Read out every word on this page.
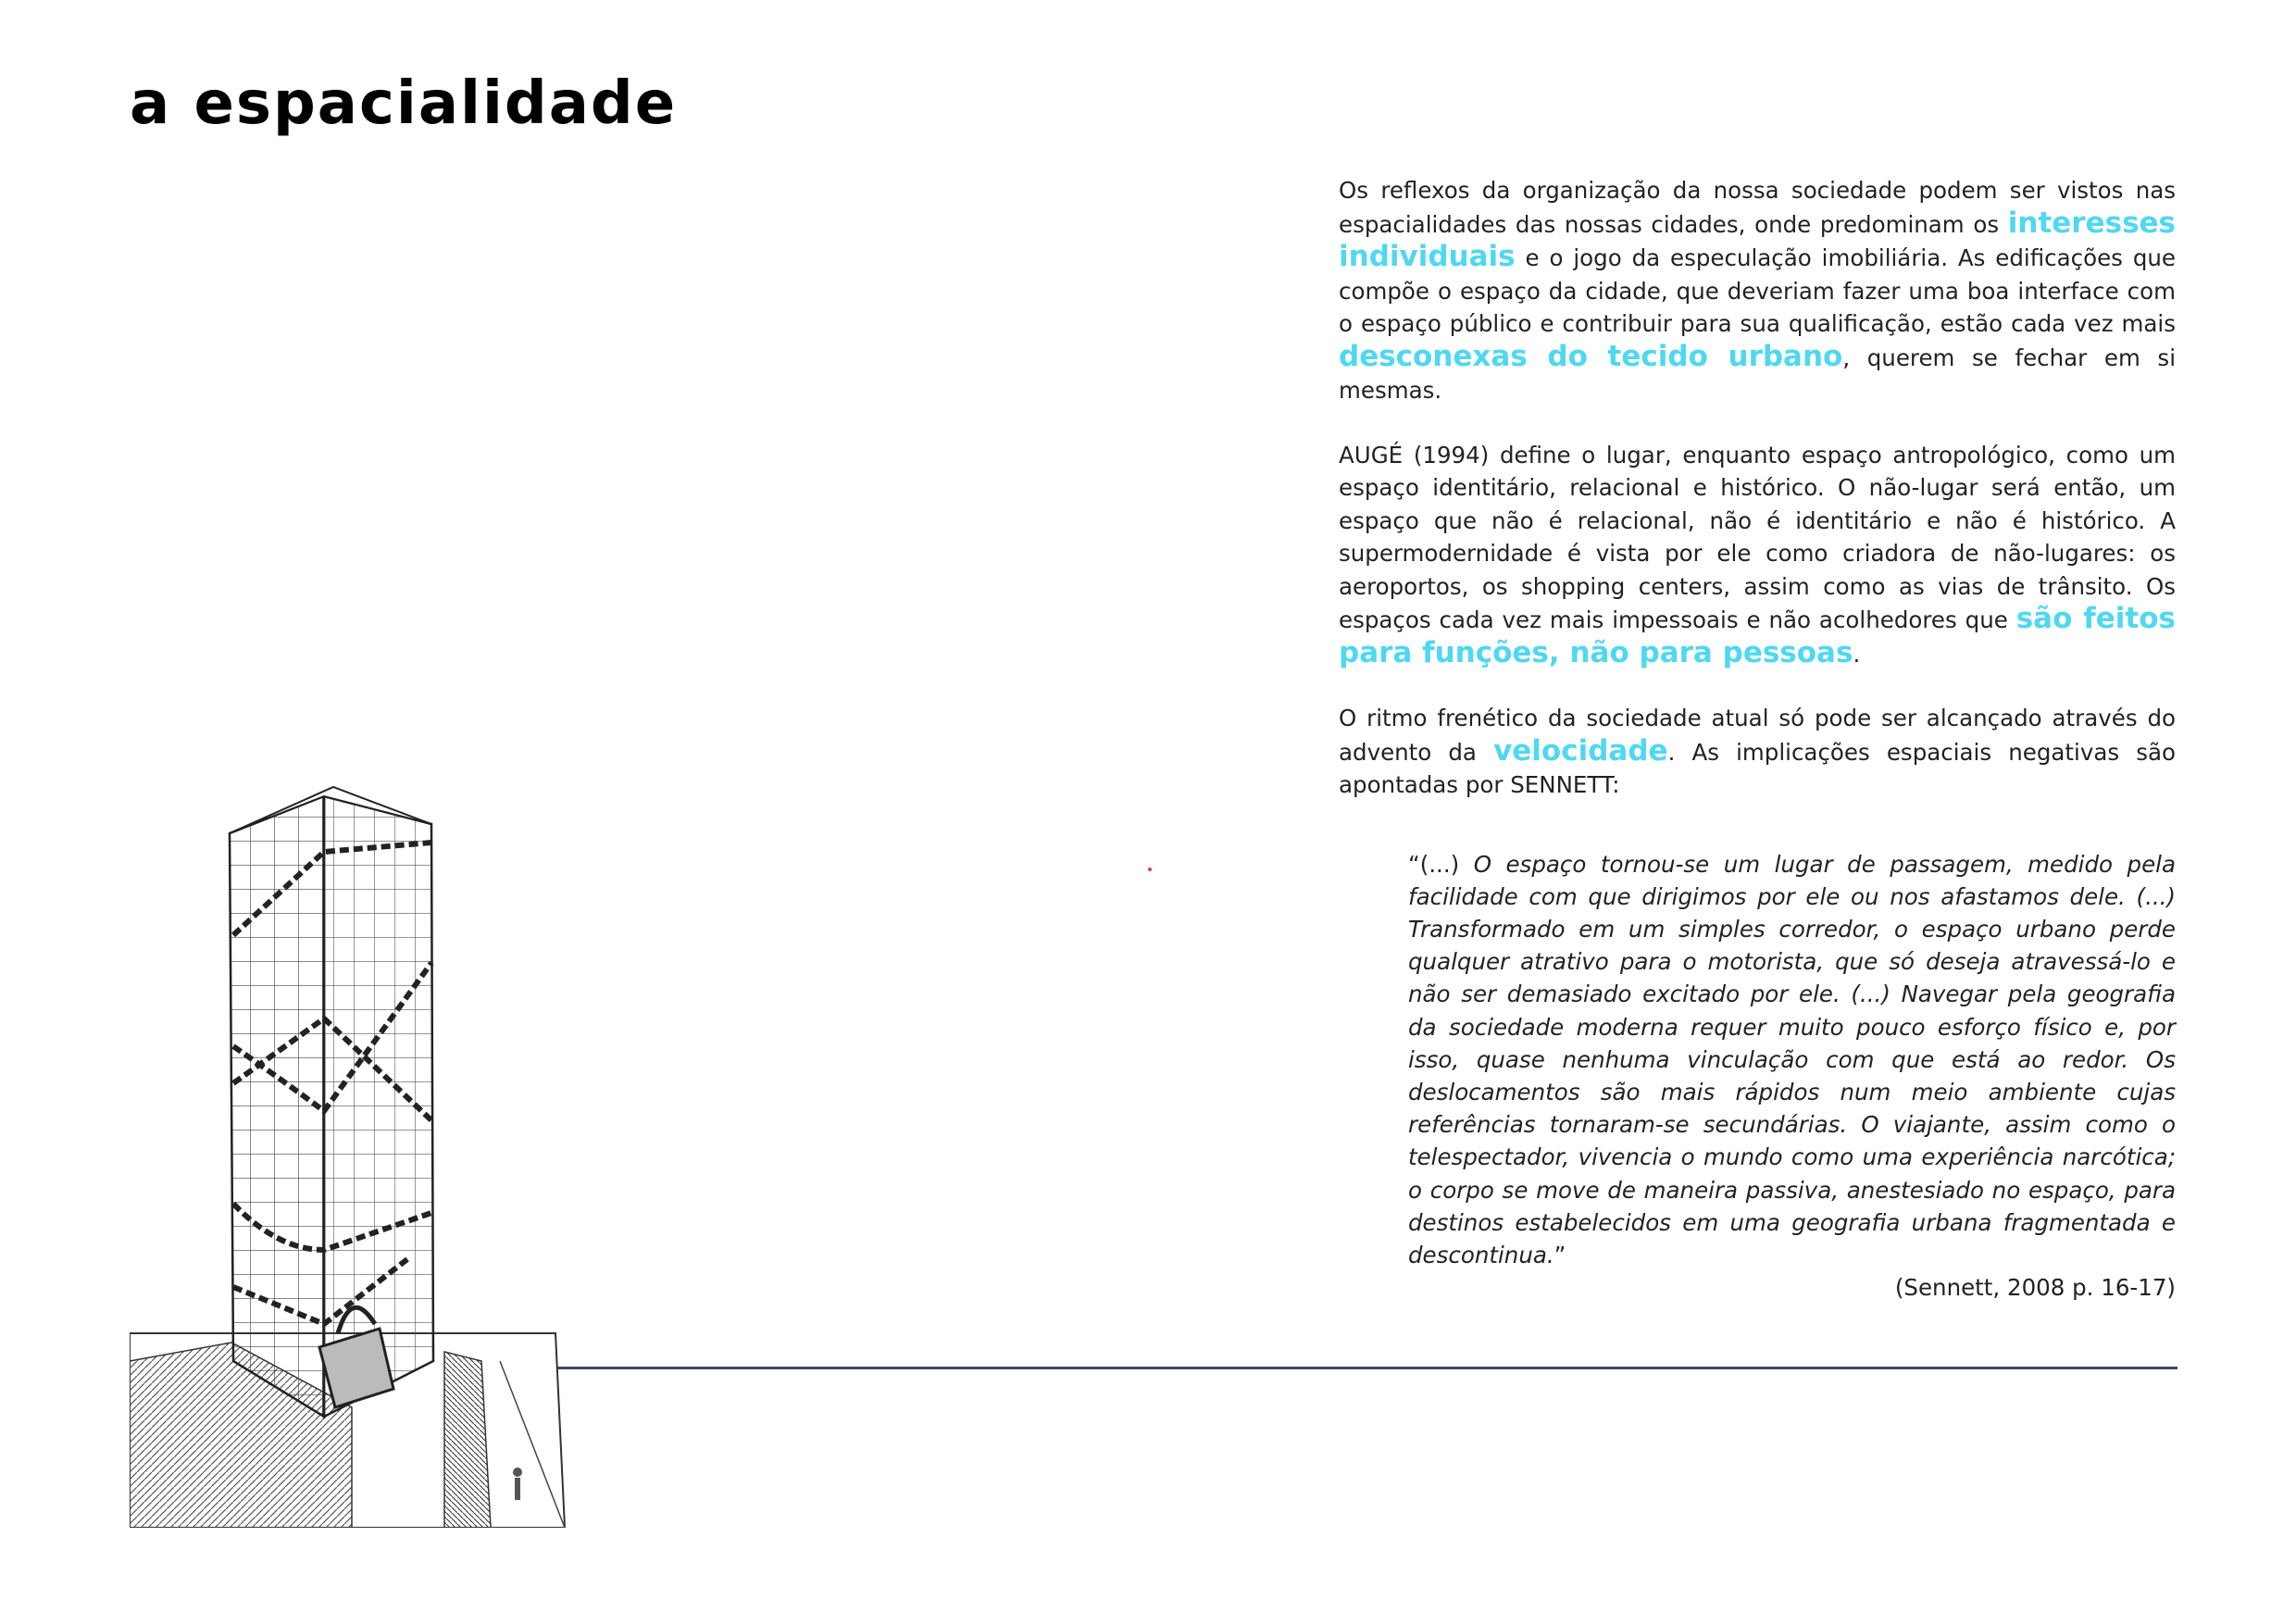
a espacialidade

Os reflexos da organização da nossa sociedade podem ser vistos nas espacialidades das nossas cidades, onde predominam os interesses individuais e o jogo da especulação imobiliária. As edificações que compõe o espaço da cidade, que deveriam fazer uma boa interface com o espaço público e contribuir para sua qualificação, estão cada vez mais desconexas do tecido urbano, querem se fechar em si mesmas.

AUGÉ (1994) define o lugar, enquanto espaço antropológico, como um espaço identitário, relacional e histórico. O não-lugar será então, um espaço que não é relacional, não é identitário e não é histórico. A supermodernidade é vista por ele como criadora de não-lugares: os aeroportos, os shopping centers, assim como as vias de trânsito. Os espaços cada vez mais impessoais e não acolhedores que são feitos para funções, não para pessoas.

O ritmo frenético da sociedade atual só pode ser alcançado através do advento da velocidade. As implicações espaciais negativas são apontadas por SENNETT:

“(...) O espaço tornou-se um lugar de passagem, medido pela facilidade com que dirigimos por ele ou nos afastamos dele. (...) Transformado em um simples corredor, o espaço urbano perde qualquer atrativo para o motorista, que só deseja atravessá-lo e não ser demasiado excitado por ele. (...) Navegar pela geografia da sociedade moderna requer muito pouco esforço físico e, por isso, quase nenhuma vinculação com que está ao redor. Os deslocamentos são mais rápidos num meio ambiente cujas referências tornaram-se secundárias. O viajante, assim como o telespectador, vivencia o mundo como uma experiência narcótica; o corpo se move de maneira passiva, anestesiado no espaço, para destinos estabelecidos em uma geografia urbana fragmentada e descontinua.”
(Sennett, 2008 p. 16-17)
